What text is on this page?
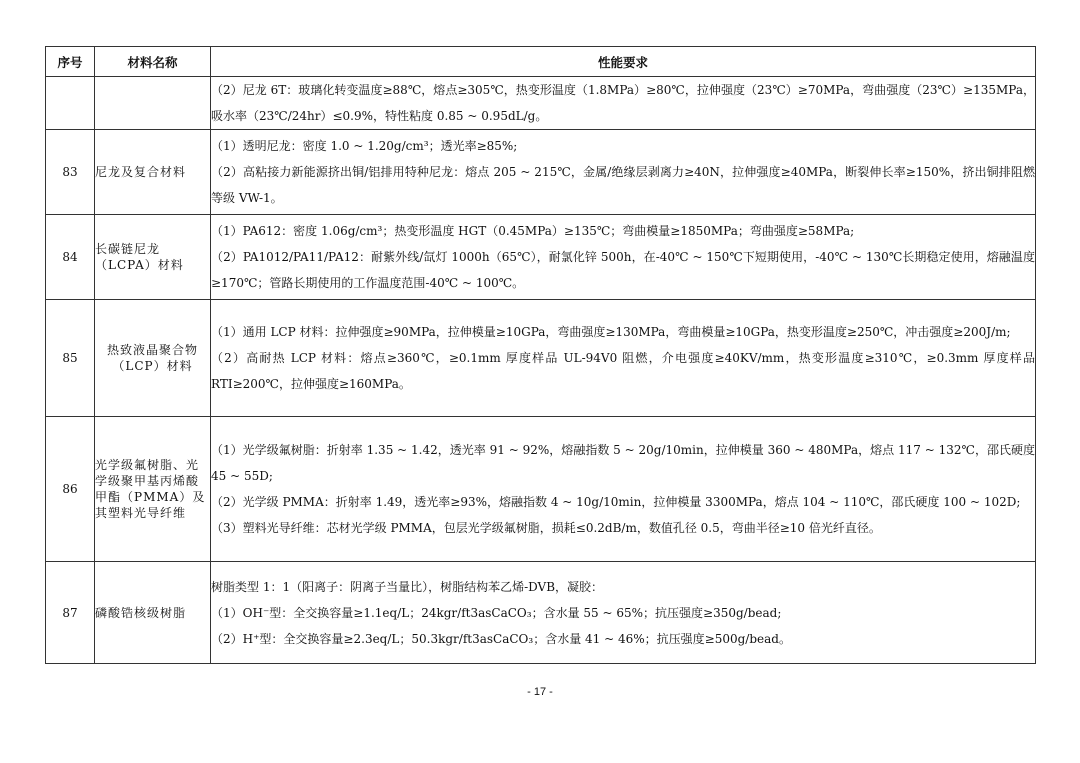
序号	材料名称	性能要求

		（2）尼龙 6T：玻璃化转变温度≥88℃，熔点≥305℃，热变形温度（1.8MPa）≥80℃，拉伸强度（23℃）≥70MPa，弯曲强度（23℃）≥135MPa，吸水率（23℃/24hr）≤0.9%，特性粘度 0.85 ~ 0.95dL/g。

83	尼龙及复合材料	（1）透明尼龙：密度 1.0 ~ 1.20g/cm³；透光率≥85%;
（2）高粘接力新能源挤出铜/铝排用特种尼龙：熔点 205 ~ 215℃，金属/绝缘层剥离力≥40N，拉伸强度≥40MPa，断裂伸长率≥150%，挤出铜排阻燃等级 VW-1。

84	长碳链尼龙（LCPA）材料	（1）PA612：密度 1.06g/cm³；热变形温度 HGT（0.45MPa）≥135℃；弯曲模量≥1850MPa；弯曲强度≥58MPa;
（2）PA1012/PA11/PA12：耐紫外线/氙灯 1000h（65℃），耐氯化锌 500h，在-40℃ ~ 150℃下短期使用，-40℃ ~ 130℃长期稳定使用，熔融温度≥170℃；管路长期使用的工作温度范围-40℃ ~ 100℃。

85	热致液晶聚合物（LCP）材料	（1）通用 LCP 材料：拉伸强度≥90MPa，拉伸模量≥10GPa，弯曲强度≥130MPa，弯曲模量≥10GPa，热变形温度≥250℃，冲击强度≥200J/m;
（2）高耐热 LCP 材料：熔点≥360℃，≥0.1mm 厚度样品 UL-94V0 阻燃，介电强度≥40KV/mm，热变形温度≥310℃，≥0.3mm 厚度样品 RTI≥200℃，拉伸强度≥160MPa。

86	光学级氟树脂、光学级聚甲基丙烯酸甲酯（PMMA）及其塑料光导纤维	（1）光学级氟树脂：折射率 1.35 ~ 1.42，透光率 91 ~ 92%，熔融指数 5 ~ 20g/10min，拉伸模量 360 ~ 480MPa，熔点 117 ~ 132℃，邵氏硬度 45 ~ 55D;
（2）光学级 PMMA：折射率 1.49，透光率≥93%，熔融指数 4 ~ 10g/10min，拉伸模量 3300MPa，熔点 104 ~ 110℃，邵氏硬度 100 ~ 102D;
（3）塑料光导纤维：芯材光学级 PMMA，包层光学级氟树脂，损耗≤0.2dB/m，数值孔径 0.5，弯曲半径≥10 倍光纤直径。

87	磷酸锆核级树脂	树脂类型 1：1（阳离子：阴离子当量比），树脂结构苯乙烯-DVB，凝胶：
（1）OH⁻型：全交换容量≥1.1eq/L；24kgr/ft3asCaCO₃；含水量 55 ~ 65%；抗压强度≥350g/bead;
（2）H⁺型：全交换容量≥2.3eq/L；50.3kgr/ft3asCaCO₃；含水量 41 ~ 46%；抗压强度≥500g/bead。
- 17 -
